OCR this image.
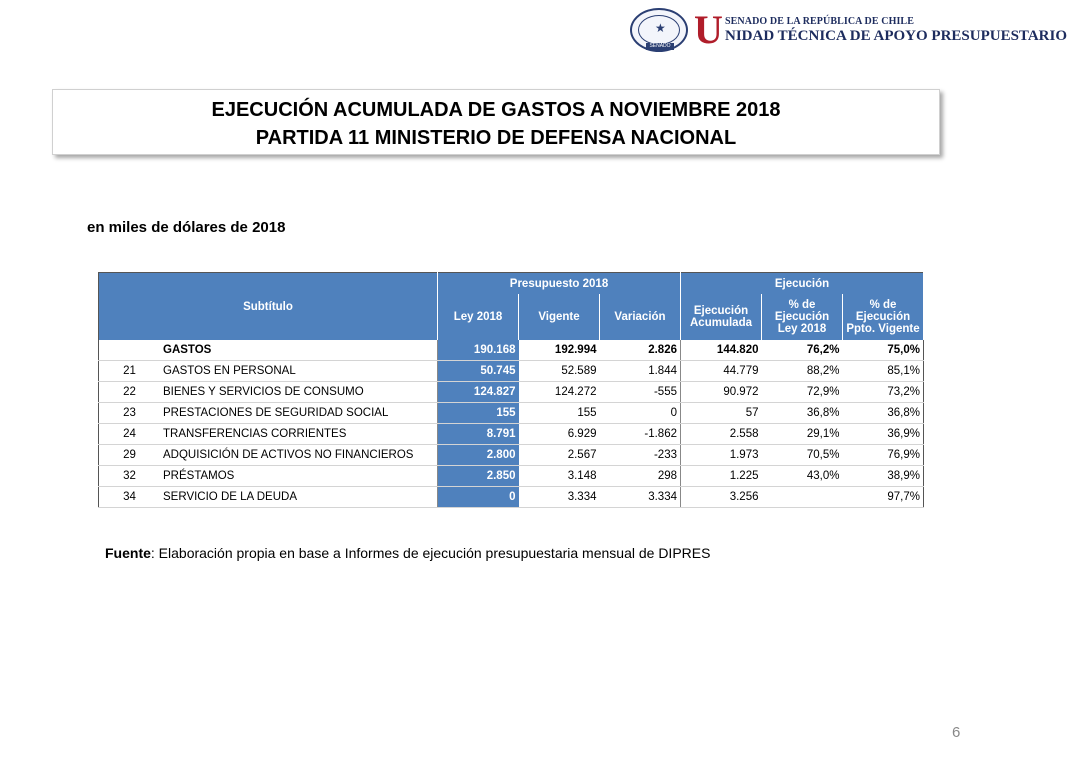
★
SENADO U SENADO DE LA REPÚBLICA DE CHILE
NIDAD TÉCNICA DE APOYO PRESUPUESTARIO
EJECUCIÓN ACUMULADA DE GASTOS A NOVIEMBRE 2018
PARTIDA 11 MINISTERIO DE DEFENSA NACIONAL
en miles de dólares de 2018
Subtítulo		Presupuesto 2018			Ejecución		
		Ley 2018	Vigente	Variación	Ejecución Acumulada	% de Ejecución Ley 2018	% de Ejecución Ppto. Vigente
	GASTOS	190.168	192.994	2.826	144.820	76,2%	75,0%
21	GASTOS EN PERSONAL	50.745	52.589	1.844	44.779	88,2%	85,1%
22	BIENES Y SERVICIOS DE CONSUMO	124.827	124.272	-555	90.972	72,9%	73,2%
23	PRESTACIONES DE SEGURIDAD SOCIAL	155	155	0	57	36,8%	36,8%
24	TRANSFERENCIAS CORRIENTES	8.791	6.929	-1.862	2.558	29,1%	36,9%
29	ADQUISICIÓN DE ACTIVOS NO FINANCIEROS	2.800	2.567	-233	1.973	70,5%	76,9%
32	PRÉSTAMOS	2.850	3.148	298	1.225	43,0%	38,9%
34	SERVICIO DE LA DEUDA	0	3.334	3.334	3.256		97,7%
Fuente: Elaboración propia en base a Informes de ejecución presupuestaria mensual de DIPRES
6
